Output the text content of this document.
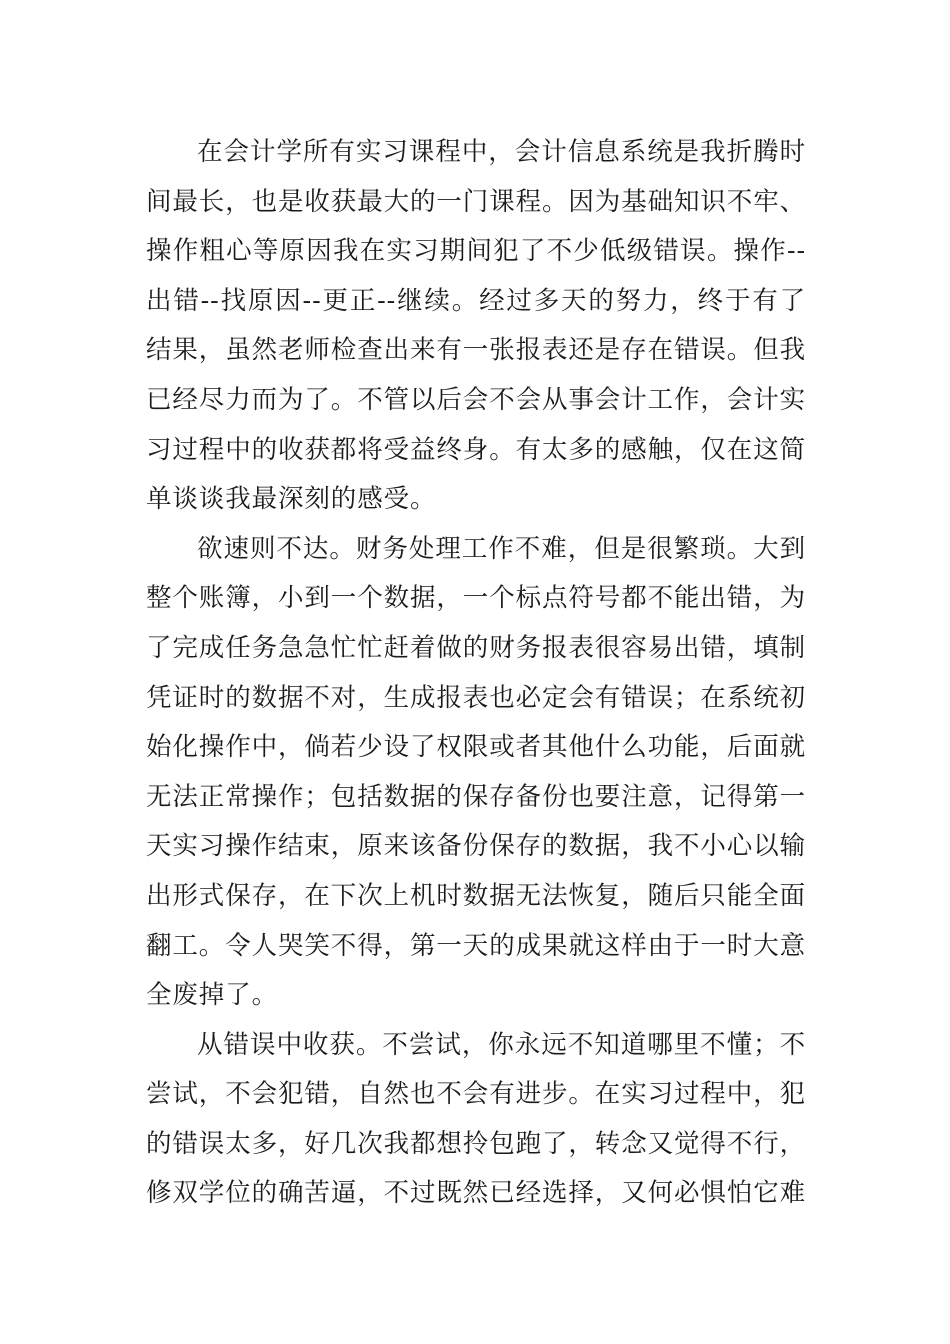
在会计学所有实习课程中，会计信息系统是我折腾时
间最长，也是收获最大的一门课程。因为基础知识不牢、
操作粗心等原因我在实习期间犯了不少低级错误。操作--
出错--找原因--更正--继续。经过多天的努力，终于有了
结果，虽然老师检查出来有一张报表还是存在错误。但我
已经尽力而为了。不管以后会不会从事会计工作，会计实
习过程中的收获都将受益终身。有太多的感触，仅在这简
单谈谈我最深刻的感受。

欲速则不达。财务处理工作不难，但是很繁琐。大到
整个账簿，小到一个数据，一个标点符号都不能出错，为
了完成任务急急忙忙赶着做的财务报表很容易出错，填制
凭证时的数据不对，生成报表也必定会有错误；在系统初
始化操作中，倘若少设了权限或者其他什么功能，后面就
无法正常操作；包括数据的保存备份也要注意，记得第一
天实习操作结束，原来该备份保存的数据，我不小心以输
出形式保存，在下次上机时数据无法恢复，随后只能全面
翻工。令人哭笑不得，第一天的成果就这样由于一时大意
全废掉了。

从错误中收获。不尝试，你永远不知道哪里不懂；不
尝试，不会犯错，自然也不会有进步。在实习过程中，犯
的错误太多，好几次我都想拎包跑了，转念又觉得不行，
修双学位的确苦逼，不过既然已经选择，又何必惧怕它难
